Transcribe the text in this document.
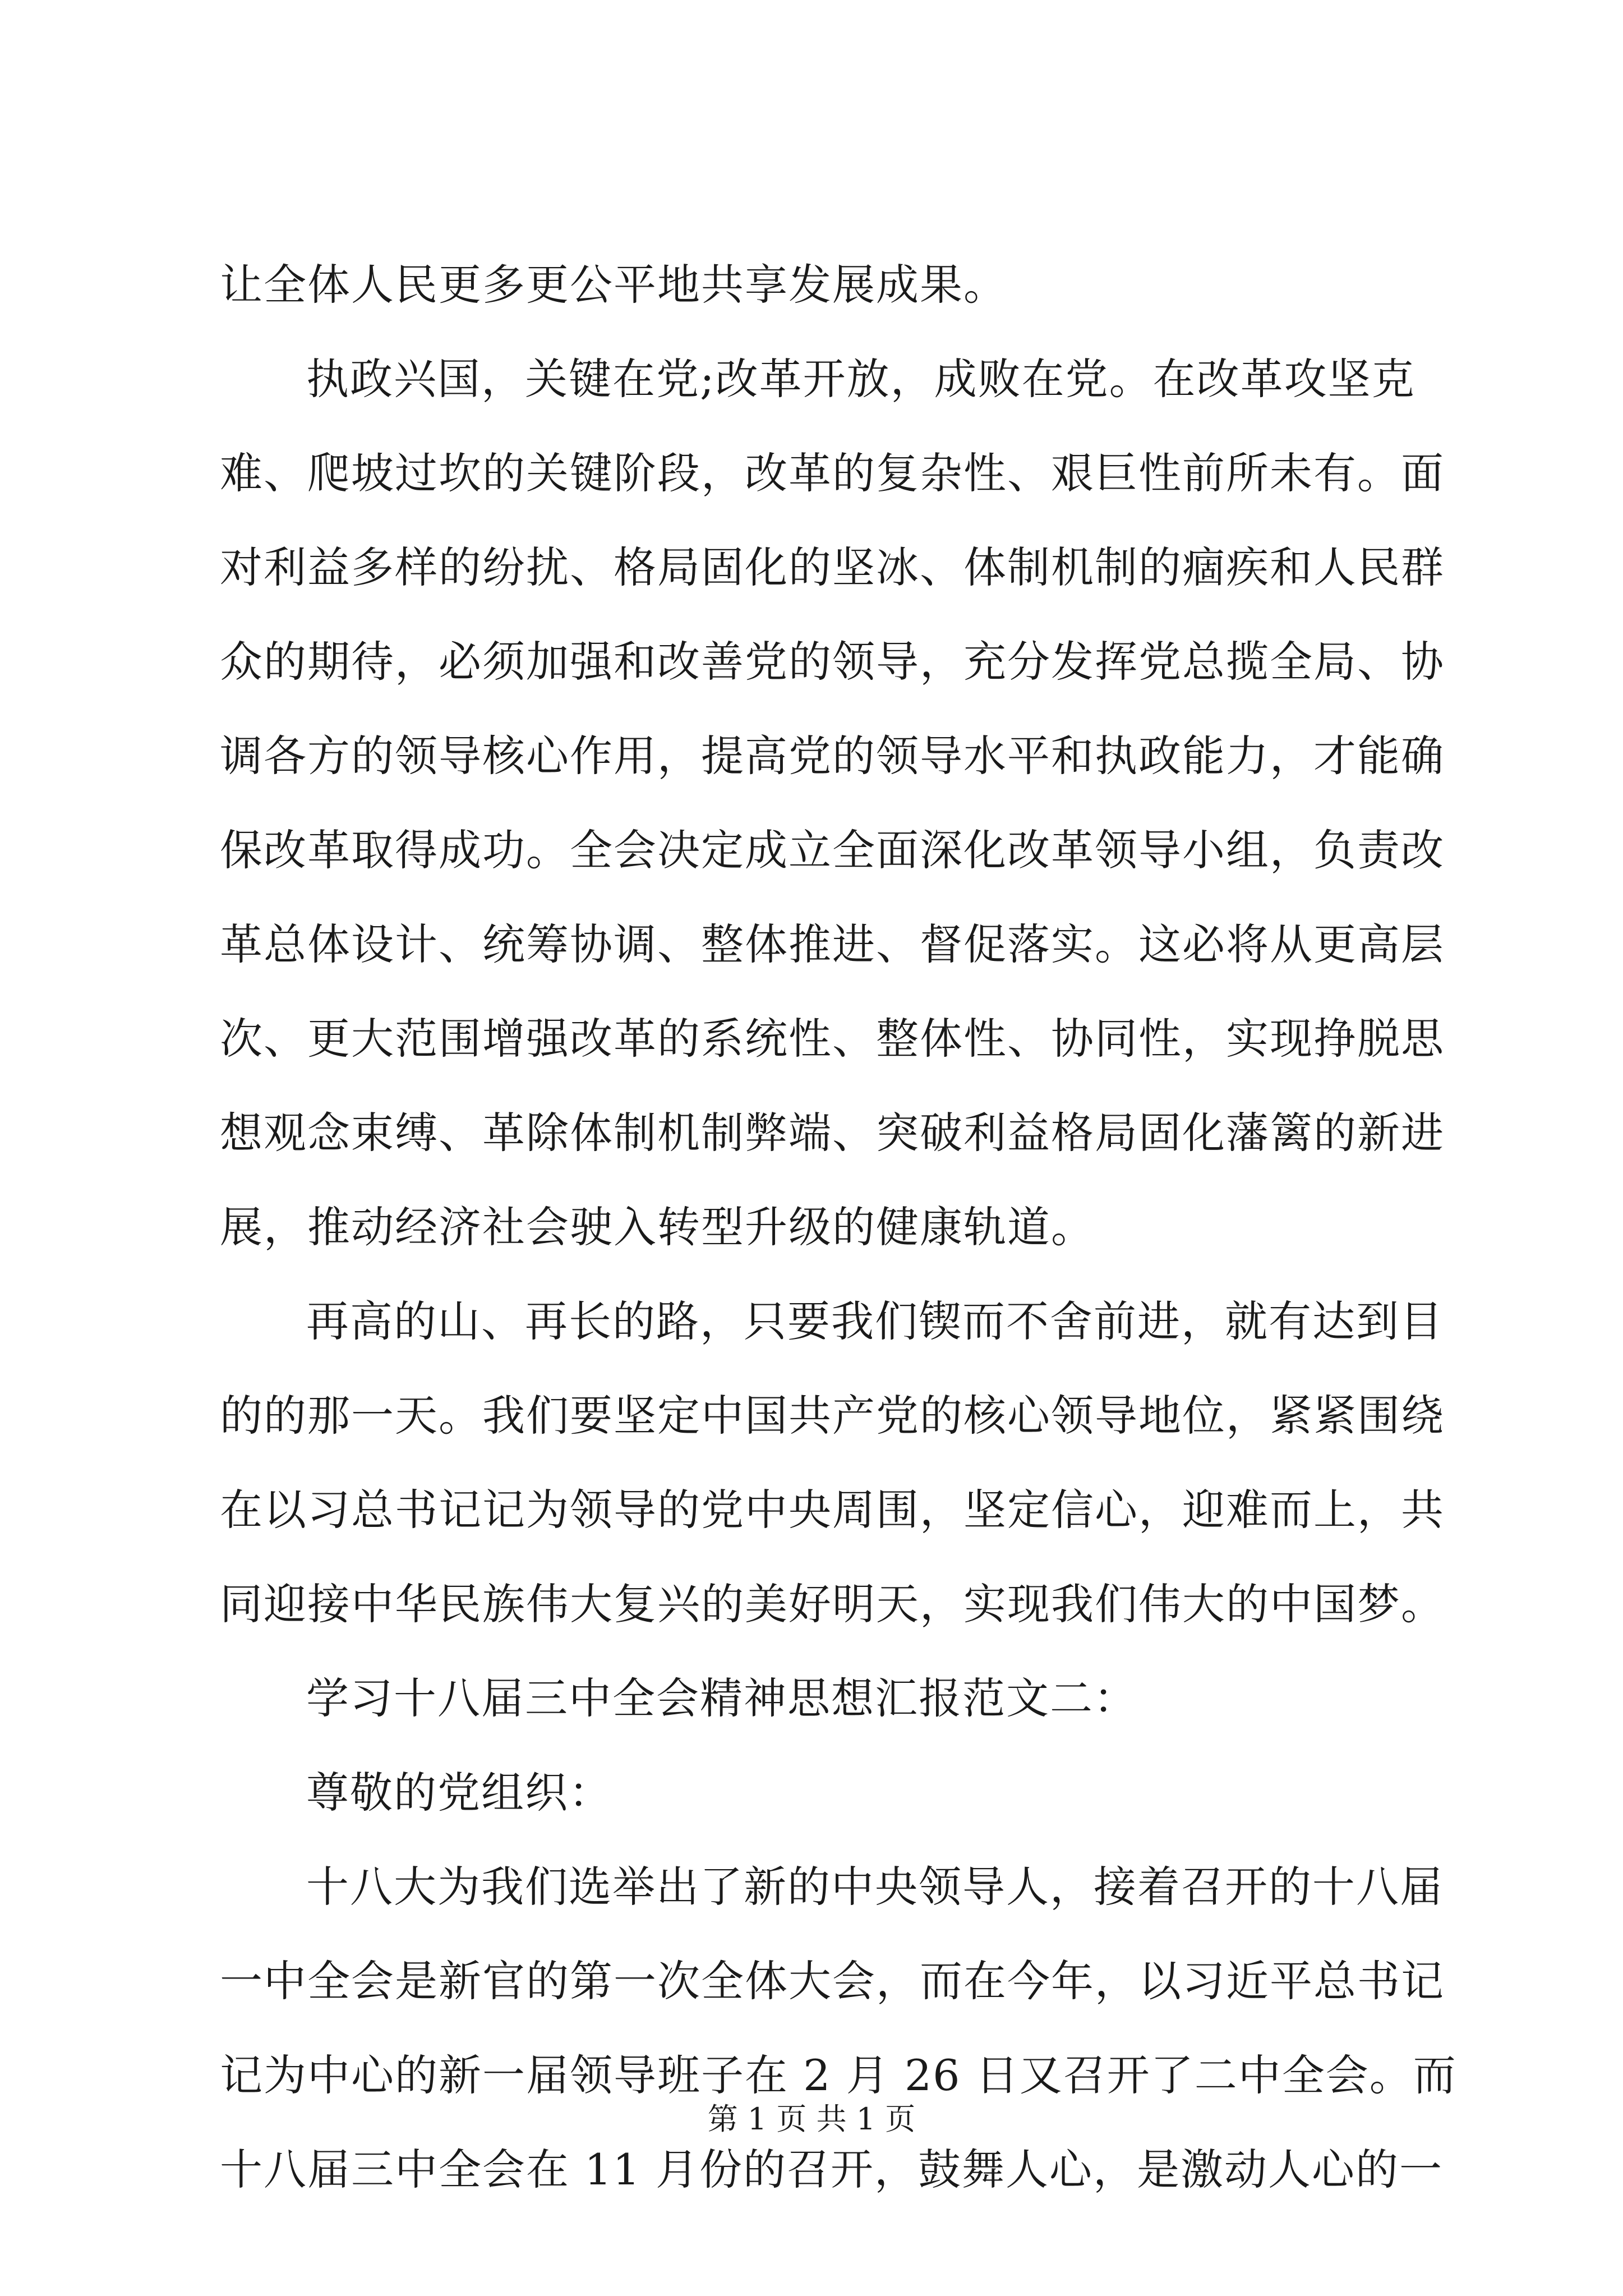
让全体人民更多更公平地共享发展成果。
执政兴国，关键在党;改革开放，成败在党。在改革攻坚克
难、爬坡过坎的关键阶段，改革的复杂性、艰巨性前所未有。面
对利益多样的纷扰、格局固化的坚冰、体制机制的痼疾和人民群
众的期待，必须加强和改善党的领导，充分发挥党总揽全局、协
调各方的领导核心作用，提高党的领导水平和执政能力，才能确
保改革取得成功。全会决定成立全面深化改革领导小组，负责改
革总体设计、统筹协调、整体推进、督促落实。这必将从更高层
次、更大范围增强改革的系统性、整体性、协同性，实现挣脱思
想观念束缚、革除体制机制弊端、突破利益格局固化藩篱的新进
展，推动经济社会驶入转型升级的健康轨道。
再高的山、再长的路，只要我们锲而不舍前进，就有达到目
的的那一天。我们要坚定中国共产党的核心领导地位，紧紧围绕
在以习总书记记为领导的党中央周围，坚定信心，迎难而上，共
同迎接中华民族伟大复兴的美好明天，实现我们伟大的中国梦。
学习十八届三中全会精神思想汇报范文二：
尊敬的党组织：
十八大为我们选举出了新的中央领导人，接着召开的十八届
一中全会是新官的第一次全体大会，而在今年，以习近平总书记
记为中心的新一届领导班子在 2 月 26 日又召开了二中全会。而
十八届三中全会在 11 月份的召开，鼓舞人心，是激动人心的一
第 1 页 共 1 页
